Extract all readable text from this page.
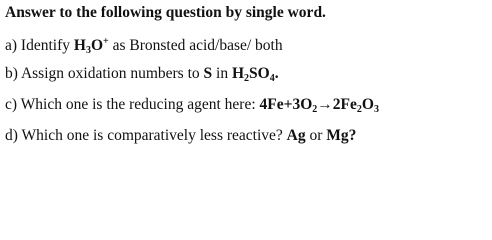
Answer to the following question by single word.
a) Identify $H_3O^+$ as Bronsted acid/base/ both
b) Assign oxidation numbers to S in $H_2SO_4$.
c) Which one is the reducing agent here: $4Fe+3O_2\to 2Fe_2O_3$
d) Which one is comparatively less reactive? Ag or Mg?
